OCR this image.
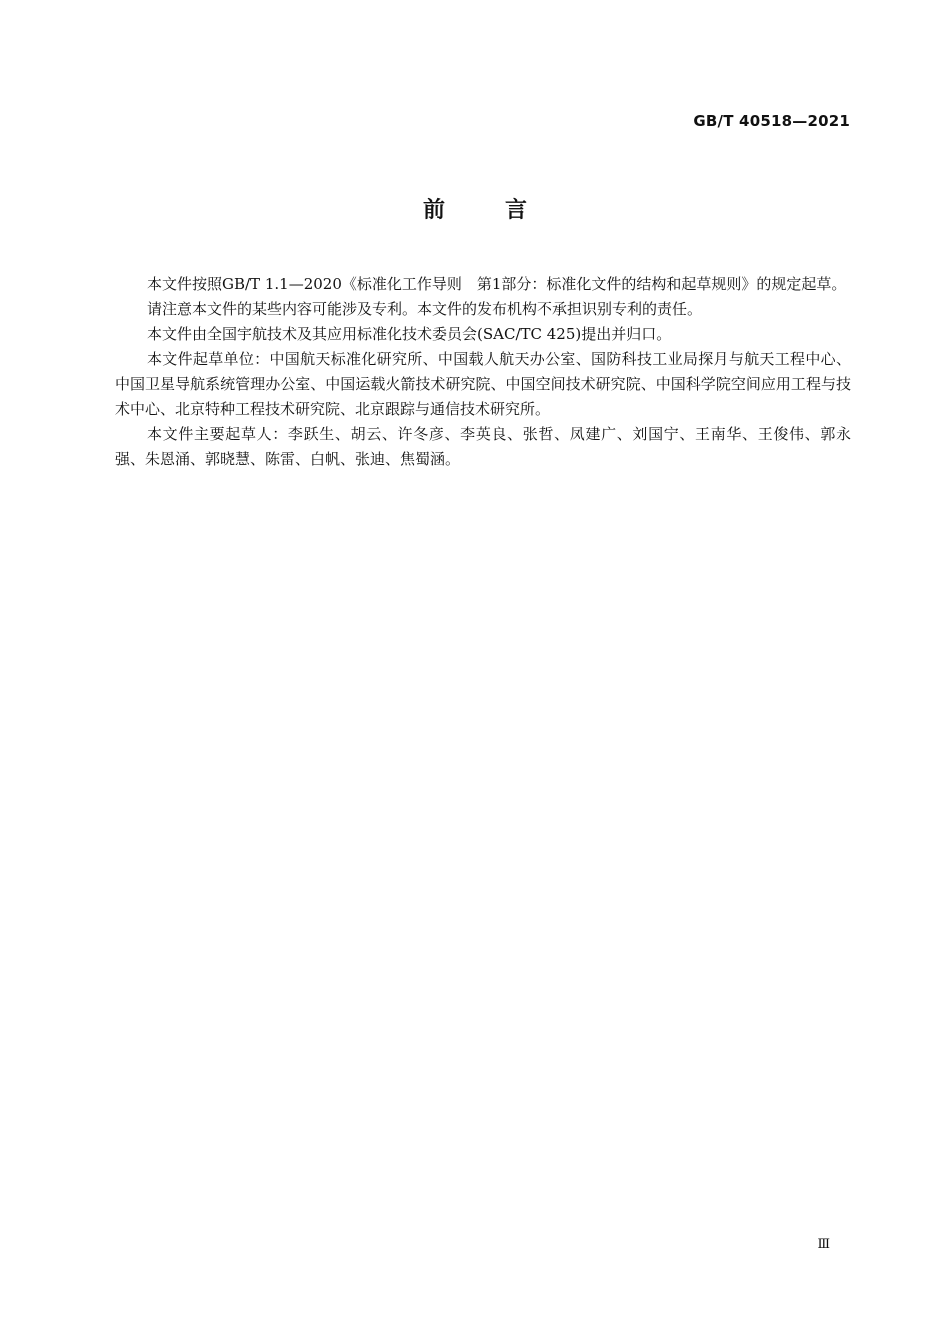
GB/T 40518—2021
前	言

本文件按照GB/T 1.1—2020《标准化工作导则　第1部分：标准化文件的结构和起草规则》的规定起草。

请注意本文件的某些内容可能涉及专利。本文件的发布机构不承担识别专利的责任。

本文件由全国宇航技术及其应用标准化技术委员会(SAC/TC 425)提出并归口。

本文件起草单位：中国航天标准化研究所、中国载人航天办公室、国防科技工业局探月与航天工程中心、中国卫星导航系统管理办公室、中国运载火箭技术研究院、中国空间技术研究院、中国科学院空间应用工程与技术中心、北京特种工程技术研究院、北京跟踪与通信技术研究所。

本文件主要起草人：李跃生、胡云、许冬彦、李英良、张哲、凤建广、刘国宁、王南华、王俊伟、郭永强、朱恩涌、郭晓慧、陈雷、白帆、张迪、焦蜀涵。

Ⅲ
